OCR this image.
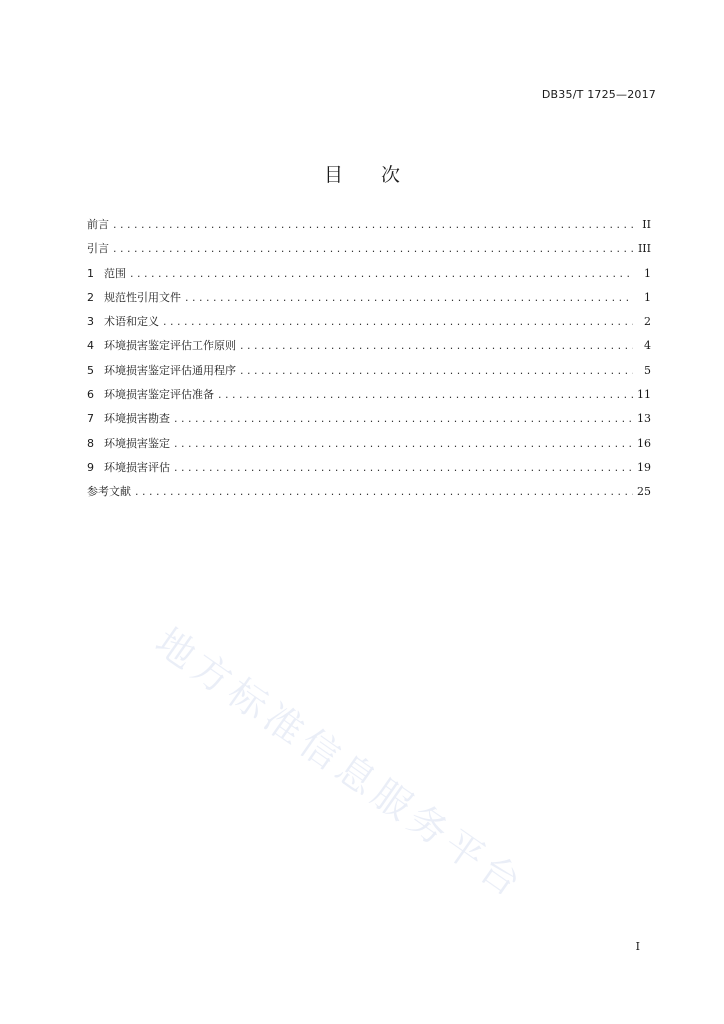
DB35/T 1725—2017
目 次
前言 . . .	II
引言 . . .	III
1 范围 . . .	1
2 规范性引用文件 . . .	1
3 术语和定义 . . .	2
4 环境损害鉴定评估工作原则 . . .	4
5 环境损害鉴定评估通用程序 . . .	5
6 环境损害鉴定评估准备 . . .	11
7 环境损害勘查 . . .	13
8 环境损害鉴定 . . .	16
9 环境损害评估 . . .	19
参考文献 . . .	25
地方标准信息服务平台
I
